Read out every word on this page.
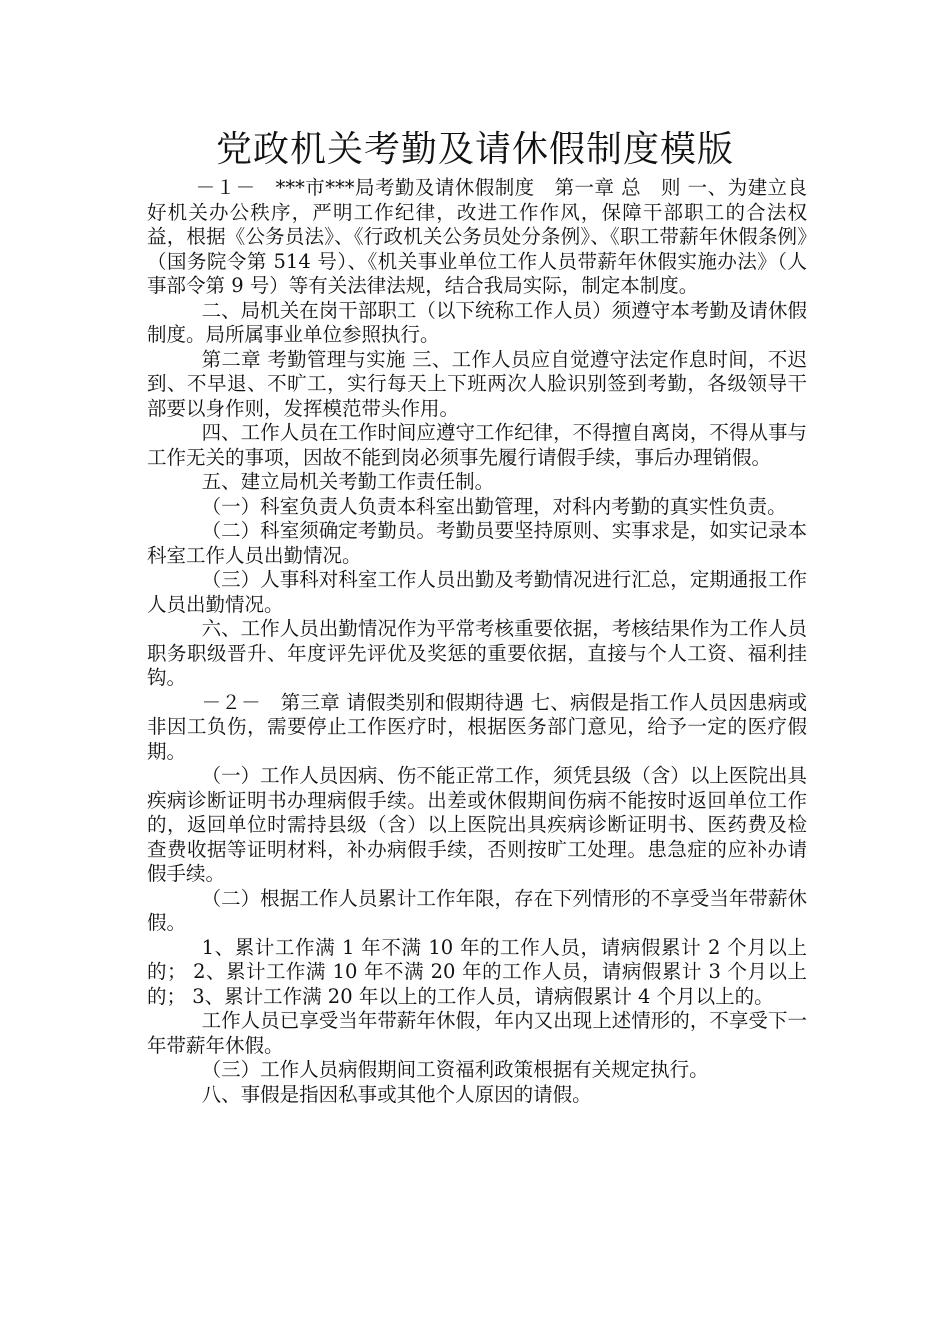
党政机关考勤及请休假制度模版

－１－　***市***局考勤及请休假制度　第一章 总　则 一、为建立良好机关办公秩序，严明工作纪律，改进工作作风，保障干部职工的合法权益，根据《公务员法》、《行政机关公务员处分条例》、《职工带薪年休假条例》（国务院令第 514 号）、《机关事业单位工作人员带薪年休假实施办法》（人事部令第 9 号）等有关法律法规，结合我局实际，制定本制度。

二、局机关在岗干部职工（以下统称工作人员）须遵守本考勤及请休假制度。局所属事业单位参照执行。

第二章 考勤管理与实施 三、工作人员应自觉遵守法定作息时间，不迟到、不早退、不旷工，实行每天上下班两次人脸识别签到考勤，各级领导干部要以身作则，发挥模范带头作用。

四、工作人员在工作时间应遵守工作纪律，不得擅自离岗，不得从事与工作无关的事项，因故不能到岗必须事先履行请假手续，事后办理销假。

五、建立局机关考勤工作责任制。

（一）科室负责人负责本科室出勤管理，对科内考勤的真实性负责。

（二）科室须确定考勤员。考勤员要坚持原则、实事求是，如实记录本科室工作人员出勤情况。

（三）人事科对科室工作人员出勤及考勤情况进行汇总，定期通报工作人员出勤情况。

六、工作人员出勤情况作为平常考核重要依据，考核结果作为工作人员职务职级晋升、年度评先评优及奖惩的重要依据，直接与个人工资、福利挂钩。

－２－　第三章 请假类别和假期待遇 七、病假是指工作人员因患病或非因工负伤，需要停止工作医疗时，根据医务部门意见，给予一定的医疗假期。

（一）工作人员因病、伤不能正常工作，须凭县级（含）以上医院出具疾病诊断证明书办理病假手续。出差或休假期间伤病不能按时返回单位工作的，返回单位时需持县级（含）以上医院出具疾病诊断证明书、医药费及检查费收据等证明材料，补办病假手续，否则按旷工处理。患急症的应补办请假手续。

（二）根据工作人员累计工作年限，存在下列情形的不享受当年带薪休假。

1、累计工作满 1 年不满 10 年的工作人员，请病假累计 2 个月以上的； 2、累计工作满 10 年不满 20 年的工作人员，请病假累计 3 个月以上的； 3、累计工作满 20 年以上的工作人员，请病假累计 4 个月以上的。

工作人员已享受当年带薪年休假，年内又出现上述情形的，不享受下一年带薪年休假。

（三）工作人员病假期间工资福利政策根据有关规定执行。

八、事假是指因私事或其他个人原因的请假。
